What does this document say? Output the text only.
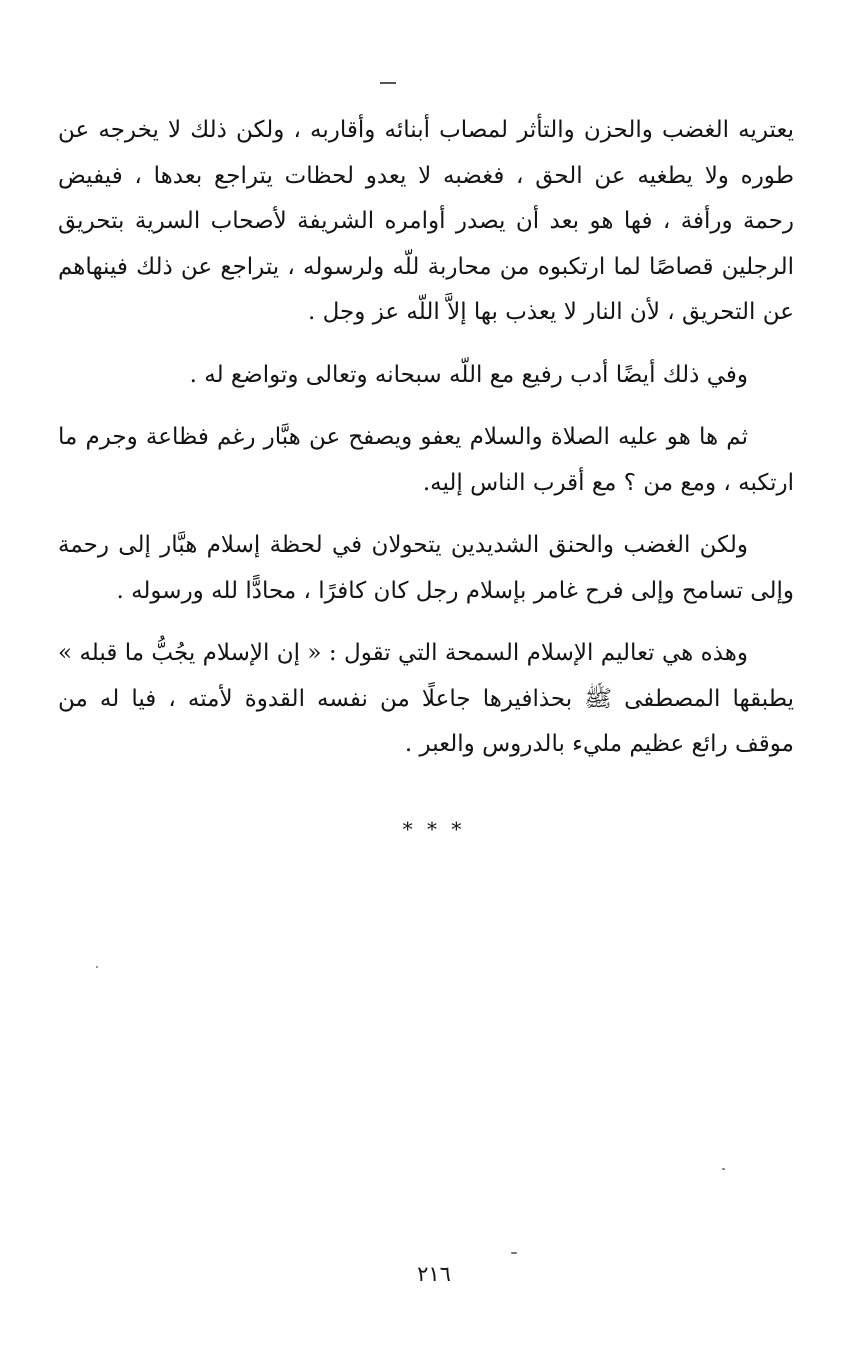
يعتريه الغضب والحزن والتأثر لمصاب أبنائه وأقاربه ، ولكن ذلك لا يخرجه عن طوره ولا يطغيه عن الحق ، فغضبه لا يعدو لحظات يتراجع بعدها ، فيفيض رحمة ورأفة ، فها هو بعد أن يصدر أوامره الشريفة لأصحاب السرية بتحريق الرجلين قصاصًا لما ارتكبوه من محاربة للّه ولرسوله ، يتراجع عن ذلك فينهاهم عن التحريق ، لأن النار لا يعذب بها إلاَّ اللّه عز وجل .

وفي ذلك أيضًا أدب رفيع مع اللّه سبحانه وتعالى وتواضع له .

ثم ها هو عليه الصلاة والسلام يعفو ويصفح عن هبَّار رغم فظاعة وجرم ما ارتكبه ، ومع من ؟ مع أقرب الناس إليه.

ولكن الغضب والحنق الشديدين يتحولان في لحظة إسلام هبَّار إلى رحمة وإلى تسامح وإلى فرح غامر بإسلام رجل كان كافرًا ، محادًّا لله ورسوله .

وهذه هي تعاليم الإسلام السمحة التي تقول : « إن الإسلام يجُبُّ ما قبله » يطبقها المصطفى ﷺ بحذافيرها جاعلًا من نفسه القدوة لأمته ، فيا له من موقف رائع عظيم مليء بالدروس والعبر .

* * *
٢١٦
